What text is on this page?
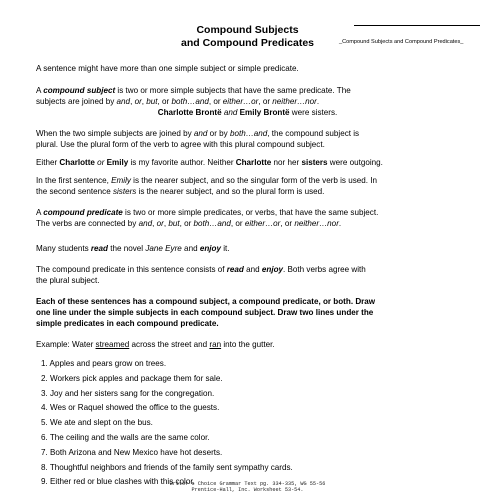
Compound Subjects
and Compound Predicates	_Compound Subjects and Compound Predicates_
A sentence might have more than one simple subject or simple predicate.
A compound subject is two or more simple subjects that have the same predicate. The
subjects are joined by and, or, but, or both…and, or either…or, or neither…nor.
Charlotte Brontë and Emily Brontë were sisters.
When the two simple subjects are joined by and or by both…and, the compound subject is
plural. Use the plural form of the verb to agree with this plural compound subject.
Either Charlotte or Emily is my favorite author. Neither Charlotte nor her sisters were outgoing.
In the first sentence, Emily is the nearer subject, and so the singular form of the verb is used. In
the second sentence sisters is the nearer subject, and so the plural form is used.
A compound predicate is two or more simple predicates, or verbs, that have the same subject.
The verbs are connected by and, or, but, or both…and, or either…or, or neither…nor.
Many students read the novel Jane Eyre and enjoy it.
The compound predicate in this sentence consists of read and enjoy. Both verbs agree with
the plural subject.
Each of these sentences has a compound subject, a compound predicate, or both. Draw
one line under the simple subjects in each compound subject. Draw two lines under the
simple predicates in each compound predicate.
Example: Water streamed across the street and ran into the gutter.
1. Apples and pears grow on trees.
2. Workers pick apples and package them for sale.
3. Joy and her sisters sang for the congregation.
4. Wes or Raquel showed the office to the guests.
5. We ate and slept on the bus.
6. The ceiling and the walls are the same color.
7. Both Arizona and New Mexico have hot deserts.
8. Thoughtful neighbors and friends of the family sent sympathy cards.
9. Either red or blue clashes with this color.
Writer's Choice Grammar Text pg. 334-335, WG 55-56
Prentice-Hall, Inc. Worksheet 53-54.
